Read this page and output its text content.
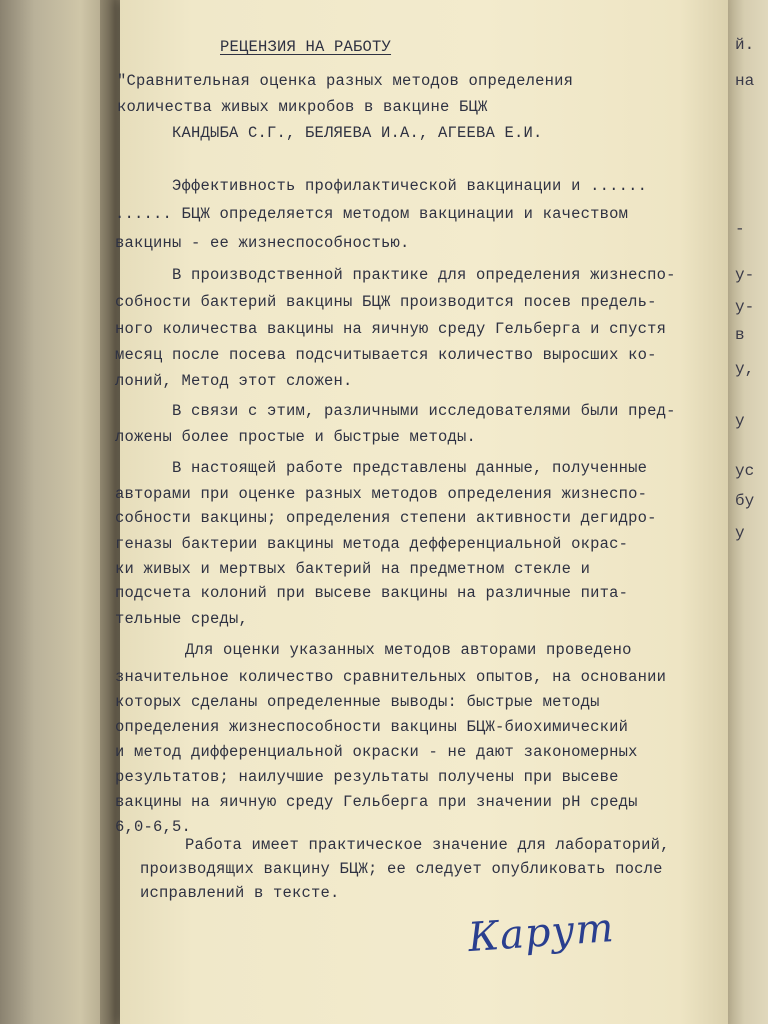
й.
на
-
у-
у-
в
у,
у
ус
бу
у
РЕЦЕНЗИЯ НА РАБОТУ
"Сравнительная оценка разных методов определения
количества живых микробов в вакцине БЦЖ
КАНДЫБА С.Г., БЕЛЯЕВА И.А., АГЕЕВА Е.И.
Эффективность профилактической вакцинации и ......
...... БЦЖ определяется методом вакцинации и качеством
вакцины - ее жизнеспособностью.
В производственной практике для определения жизнеспо-
собности бактерий вакцины БЦЖ производится посев предель-
ного количества вакцины на яичную среду Гельберга и спустя
месяц после посева подсчитывается количество выросших ко-
лоний, Метод этот сложен.
В связи с этим, различными исследователями были пред-
ложены более простые и быстрые методы.
В настоящей работе представлены данные, полученные
авторами при оценке разных методов определения жизнеспо-
собности вакцины; определения степени активности дегидро-
геназы бактерии вакцины метода дефференциальной окрас-
ки живых и мертвых бактерий на предметном стекле и
подсчета колоний при высеве вакцины на различные пита-
тельные среды,
Для оценки указанных методов авторами проведено
значительное количество сравнительных опытов, на основании
которых сделаны определенные выводы: быстрые методы
определения жизнеспособности вакцины БЦЖ-биохимический
и метод дифференциальной окраски - не дают закономерных
результатов; наилучшие результаты получены при высеве
вакцины на яичную среду Гельберга при значении pH среды
6,0-6,5.
Работа имеет практическое значение для лабораторий,
производящих вакцину БЦЖ; ее следует опубликовать после
исправлений в тексте.
Карут
